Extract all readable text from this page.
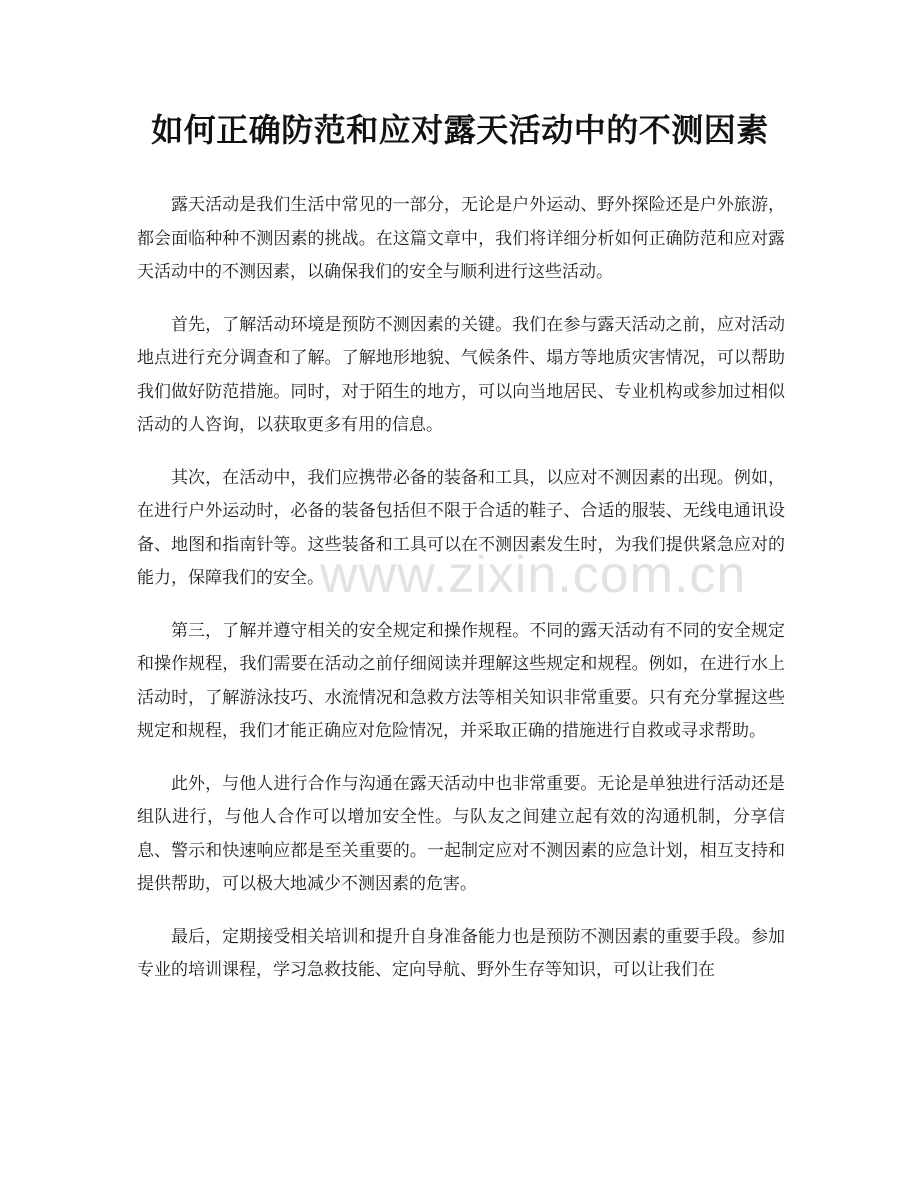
如何正确防范和应对露天活动中的不测因素

露天活动是我们生活中常见的一部分，无论是户外运动、野外探险还是户外旅游，都会面临种种不测因素的挑战。在这篇文章中，我们将详细分析如何正确防范和应对露天活动中的不测因素，以确保我们的安全与顺利进行这些活动。

首先，了解活动环境是预防不测因素的关键。我们在参与露天活动之前，应对活动地点进行充分调查和了解。了解地形地貌、气候条件、塌方等地质灾害情况，可以帮助我们做好防范措施。同时，对于陌生的地方，可以向当地居民、专业机构或参加过相似活动的人咨询，以获取更多有用的信息。

其次，在活动中，我们应携带必备的装备和工具，以应对不测因素的出现。例如，在进行户外运动时，必备的装备包括但不限于合适的鞋子、合适的服装、无线电通讯设备、地图和指南针等。这些装备和工具可以在不测因素发生时，为我们提供紧急应对的能力，保障我们的安全。

第三，了解并遵守相关的安全规定和操作规程。不同的露天活动有不同的安全规定和操作规程，我们需要在活动之前仔细阅读并理解这些规定和规程。例如，在进行水上活动时，了解游泳技巧、水流情况和急救方法等相关知识非常重要。只有充分掌握这些规定和规程，我们才能正确应对危险情况，并采取正确的措施进行自救或寻求帮助。

此外，与他人进行合作与沟通在露天活动中也非常重要。无论是单独进行活动还是组队进行，与他人合作可以增加安全性。与队友之间建立起有效的沟通机制，分享信息、警示和快速响应都是至关重要的。一起制定应对不测因素的应急计划，相互支持和提供帮助，可以极大地减少不测因素的危害。

最后，定期接受相关培训和提升自身准备能力也是预防不测因素的重要手段。参加专业的培训课程，学习急救技能、定向导航、野外生存等知识，可以让我们在

www.zixin.com.cn
